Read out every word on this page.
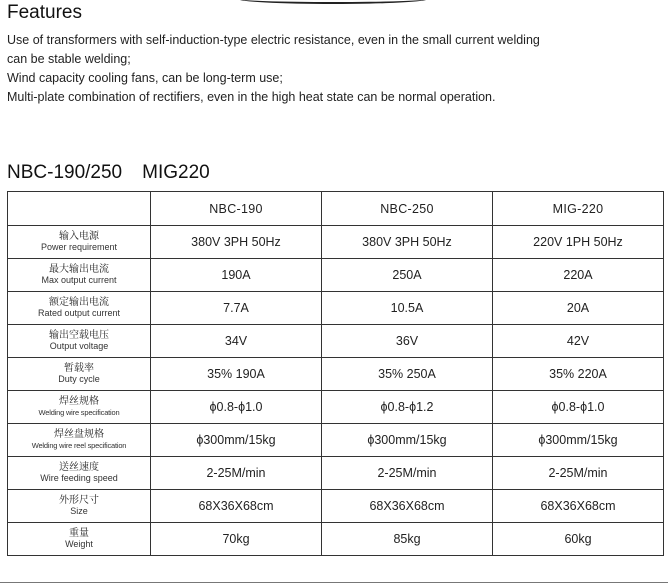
Features
Use of transformers with self-induction-type electric resistance, even in the small current welding
can be stable welding;
Wind capacity cooling fans, can be long-term use;
Multi-plate combination of rectifiers, even in the high heat state can be normal operation.
NBC-190/250 MIG220
	NBC-190	NBC-250	MIG-220

输入电源
Power requirement	380V 3PH 50Hz	380V 3PH 50Hz	220V 1PH 50Hz

最大输出电流
Max output current	190A	250A	220A

额定输出电流
Rated output current	7.7A	10.5A	20A

输出空载电压
Output voltage	34V	36V	42V

暂载率
Duty cycle	35% 190A	35% 250A	35% 220A

焊丝规格
Welding wire specification	ϕ0.8-ϕ1.0	ϕ0.8-ϕ1.2	ϕ0.8-ϕ1.0

焊丝盘规格
Welding wire reel specification	ϕ300mm/15kg	ϕ300mm/15kg	ϕ300mm/15kg

送丝速度
Wire feeding speed	2-25M/min	2-25M/min	2-25M/min

外形尺寸
Size	68X36X68cm	68X36X68cm	68X36X68cm

重量
Weight	70kg	85kg	60kg
